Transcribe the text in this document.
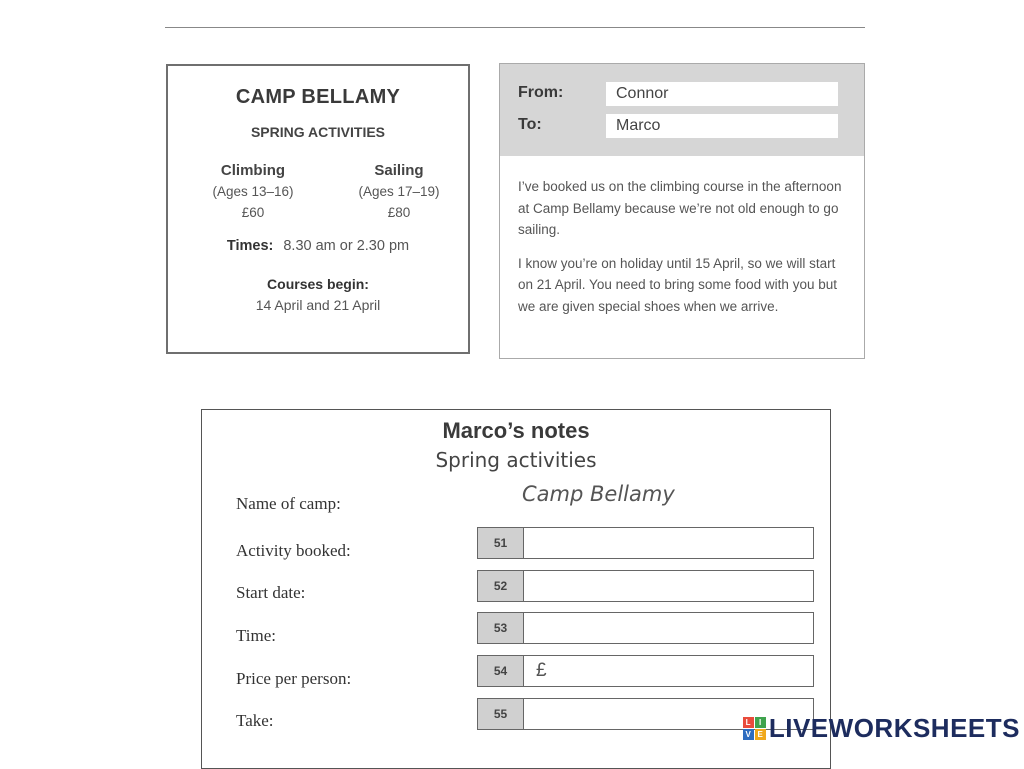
CAMP BELLAMY
SPRING ACTIVITIES
Climbing
(Ages 13–16)
£60
Sailing
(Ages 17–19)
£80
Times: 8.30 am or 2.30 pm
Courses begin:
14 April and 21 April
From:	Connor
To:	Marco

I’ve booked us on the climbing course in the afternoon at Camp Bellamy because we’re not old enough to go sailing.

I know you’re on holiday until 15 April, so we will start on 21 April. You need to bring some food with you but we are given special shoes when we arrive.

Marco’s notes
Spring activities
Name of camp:	Camp Bellamy
Activity booked:	51
Start date:	52
Time:	53
Price per person:	54	£
Take:	55
L I
V E LIVEWORKSHEETS
